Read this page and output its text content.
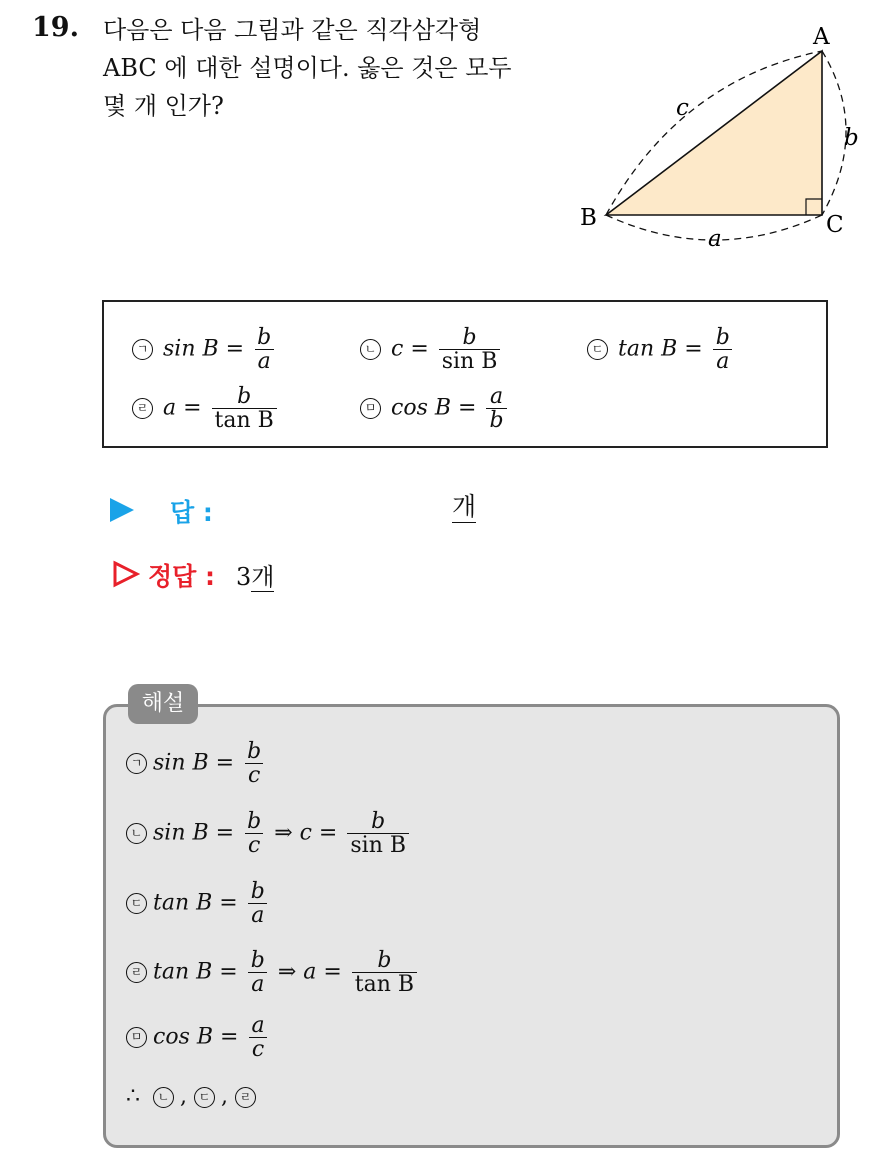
19. 다음은 다음 그림과 같은 직각삼각형
ABC 에 대한 설명이다. 옳은 것은 모두
몇 개 인가?
A
B	C
a
b
c
ㄱ $\sin B = \frac{b}{a}$	ㄴ $c = \frac{b}{\text{sin B}}$	ㄷ $\tan B = \frac{b}{a}$
ㄹ $a = \frac{b}{\text{tan B}}$	ㅁ $\cos B = \frac{a}{b}$
답 :	개
정답 : 3개
해설
ㄱ $\sin B = \frac{b}{c}$
ㄴ $\sin B = \frac{b}{c}$ ⇒ $c = \frac{b}{\text{sin B}}$
ㄷ $\tan B = \frac{b}{a}$
ㄹ $\tan B = \frac{b}{a}$ ⇒ $a = \frac{b}{\text{tan B}}$
ㅁ $\cos B = \frac{a}{c}$
∴ ㄴ , ㄷ , ㄹ
